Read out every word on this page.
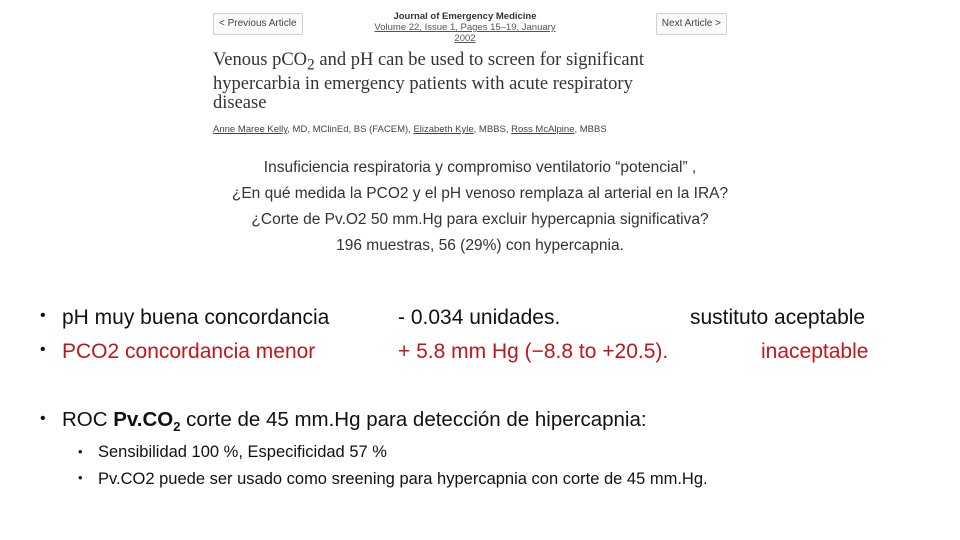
< Previous Article
Journal of Emergency Medicine
Volume 22, Issue 1, Pages 15–19, January 2002
Next Article >
Venous pCO$_2$ and pH can be used to screen for significant
hypercarbia in emergency patients with acute respiratory
disease
Anne Maree Kelly, MD, MClinEd, BS (FACEM), Elizabeth Kyle, MBBS, Ross McAlpine, MBBS
Insuficiencia respiratoria y compromiso ventilatorio “potencial” ,
¿En qué medida la PCO2 y el pH venoso remplaza al arterial en la IRA?
¿Corte de Pv.O2 50 mm.Hg para excluir hypercapnia significativa?
196 muestras, 56 (29%) con hypercapnia.
• pH muy buena concordancia
• PCO2 concordancia menor
- 0.034 unidades.
+ 5.8 mm Hg (−8.8 to +20.5).
sustituto aceptable
inaceptable
• ROC $Pv.CO_2$ corte de 45 mm.Hg para detección de hipercapnia:
• Sensibilidad 100 %, Especificidad 57 %
• Pv.CO2 puede ser usado como sreening para hypercapnia con corte de 45 mm.Hg.
